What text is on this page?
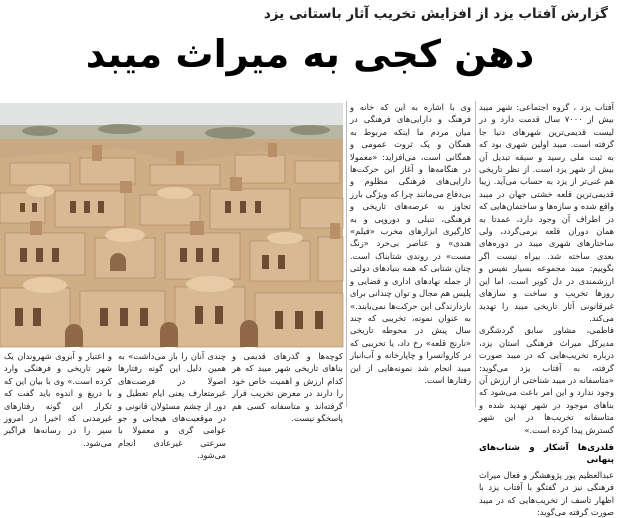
گزارش آفتاب یزد از افزایش تخریب آثار باستانی یزد
دهن کجی به میراث میبد

آفتاب یزد ، گروه اجتماعی: شهر میبد بیش از ۷۰۰۰ سال قدمت دارد و در لیست قدیمی‌ترین شهرهای دنیا جا گرفته است. میبد اولین شهری بود که به ثبت ملی رسید و سبقه تبدیل آن بیش از شهر یزد است. از نظر تاریخی هم غنی‌تر از یزد به حساب می‌آید. زیبا قدیمی‌ترین قلعه خشتی جهان در میبد واقع شده و سازه‌ها و ساختمان‌هایی که در اطراف آن وجود دارد، عمدتا به همان دوران قلعه برمی‌گردد، ولی ساختارهای شهری میبد در دوره‌های بعدی ساخته شد. بیراه نیست اگر بگوییم: میبد مجموعه بسیار نفیس و ارزشمندی در دل کویر است. اما این روزها تخریب و ساخت و سازهای غیرقانونی آثار تاریخی میبد را تهدید می‌کند.

فاطمی، مشاور سابق گردشگری مدیرکل میراث فرهنگی استان یزد، درباره تخریب‌هایی که در میبد صورت گرفته، به آفتاب یزد می‌گوید: «متاسفانه در میبد شناختی از ارزش آن وجود ندارد و این امر باعث می‌شود که بناهای موجود در شهر تهدید شده و متاسفانه تخریب‌ها در این شهر گسترش پیدا کرده است.»

قلدری‌ها آشکار و شتاب‌های پنهانی

عبدالعظیم پور پژوهشگر و فعال میراث فرهنگی نیز در گفتگو با آفتاب یزد با اظهار تاسف از تخریب‌هایی که در میبد صورت گرفته می‌گوید:

وی با اشاره به این که خانه و فرهنگ و دارایی‌های فرهنگی در میان مردم ما اینکه مربوط به همگان و یک ثروت عمومی و همگانی است، می‌افزاید: «معمولا در هنگامه‌ها و آغاز این حرکت‌ها دارایی‌های فرهنگی مظلوم و بی‌دفاع می‌مانند چرا که ویژگی بارز تجاوز به عرصه‌های تاریخی و فرهنگی، تنبلی و دوروپی و به کارگیری ابزارهای مخرب «فیلم» هندی» و عناصر بی‌خرد «زنگ مست» در روندی شتابناک است. چنان شتابی که همه بنیادهای دولتی از جمله نهادهای اداری و قضایی و پلیس هم مجال و توان چندانی برای بازدارندگی این حرکت‌ها نمی‌یابند.» به عنوان نمونه، تخریبی که چند سال پیش در محوطه تاریخی «نارنج قلعه» رخ داد، یا تخریبی که در کاروانسرا و چاپارخانه و آب‌انبار میبد انجام شد نمونه‌هایی از این رفتارها است.

کوچه‌ها و گذرهای قدیمی و بناهای تاریخی شهر میبد که هر کدام ارزش و اهمیت خاص خود را دارند در معرض تخریب قرار گرفته‌اند و متاسفانه کسی هم پاسخگو نیست.

چندی آنان را باز می‌داشت» به همین دلیل این گونه رفتارها اصولا در فرصت‌های غیرمتعارف یعنی ایام تعطیل و دور از چشم مسئولان قانونی و در موقعیت‌های هیجانی و جو عوامی گری و معمولا با سرعتی غیرعادی انجام می‌شود.

و اعتبار و آبروی شهروندان یک شهر تاریخی و فرهنگی وارد کرده است.» وی با بیان این که با دریغ و اندوه باید گفت که تکرار این گونه رفتارهای غیرمدنی که اخیرا در امروز سیر را در رسانه‌ها فراگیر می‌شود.
